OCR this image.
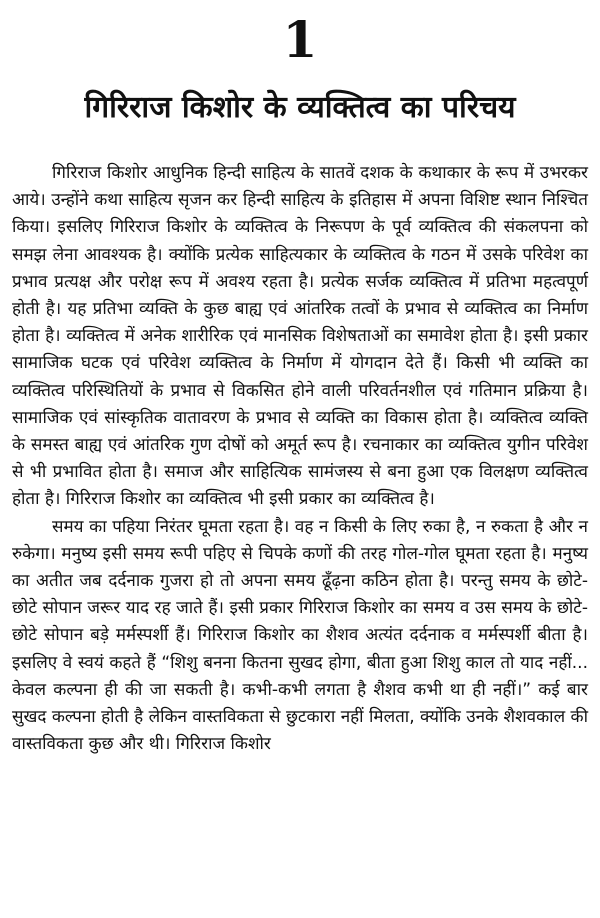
1
गिरिराज किशोर के व्यक्तित्व का परिचय

गिरिराज किशोर आधुनिक हिन्दी साहित्य के सातवें दशक के कथाकार के रूप में उभरकर आये। उन्होंने कथा साहित्य सृजन कर हिन्दी साहित्य के इतिहास में अपना विशिष्ट स्थान निश्चित किया। इसलिए गिरिराज किशोर के व्यक्तित्व के निरूपण के पूर्व व्यक्तित्व की संकलपना को समझ लेना आवश्यक है। क्योंकि प्रत्येक साहित्यकार के व्यक्तित्व के गठन में उसके परिवेश का प्रभाव प्रत्यक्ष और परोक्ष रूप में अवश्य रहता है। प्रत्येक सर्जक व्यक्तित्व में प्रतिभा महत्वपूर्ण होती है। यह प्रतिभा व्यक्ति के कुछ बाह्य एवं आंतरिक तत्वों के प्रभाव से व्यक्तित्व का निर्माण होता है। व्यक्तित्व में अनेक शारीरिक एवं मानसिक विशेषताओं का समावेश होता है। इसी प्रकार सामाजिक घटक एवं परिवेश व्यक्तित्व के निर्माण में योगदान देते हैं। किसी भी व्यक्ति का व्यक्तित्व परिस्थितियों के प्रभाव से विकसित होने वाली परिवर्तनशील एवं गतिमान प्रक्रिया है। सामाजिक एवं सांस्कृतिक वातावरण के प्रभाव से व्यक्ति का विकास होता है। व्यक्तित्व व्यक्ति के समस्त बाह्य एवं आंतरिक गुण दोषों को अमूर्त रूप है। रचनाकार का व्यक्तित्व युगीन परिवेश से भी प्रभावित होता है। समाज और साहित्यिक सामंजस्य से बना हुआ एक विलक्षण व्यक्तित्व होता है। गिरिराज किशोर का व्यक्तित्व भी इसी प्रकार का व्यक्तित्व है।

समय का पहिया निरंतर घूमता रहता है। वह न किसी के लिए रुका है, न रुकता है और न रुकेगा। मनुष्य इसी समय रूपी पहिए से चिपके कणों की तरह गोल-गोल घूमता रहता है। मनुष्य का अतीत जब दर्दनाक गुजरा हो तो अपना समय ढूँढ़ना कठिन होता है। परन्तु समय के छोटे-छोटे सोपान जरूर याद रह जाते हैं। इसी प्रकार गिरिराज किशोर का समय व उस समय के छोटे-छोटे सोपान बड़े मर्मस्पर्शी हैं। गिरिराज किशोर का शैशव अत्यंत दर्दनाक व मर्मस्पर्शी बीता है। इसलिए वे स्वयं कहते हैं “शिशु बनना कितना सुखद होगा, बीता हुआ शिशु काल तो याद नहीं... केवल कल्पना ही की जा सकती है। कभी-कभी लगता है शैशव कभी था ही नहीं।” कई बार सुखद कल्पना होती है लेकिन वास्तविकता से छुटकारा नहीं मिलता, क्योंकि उनके शैशवकाल की वास्तविकता कुछ और थी। गिरिराज किशोर
